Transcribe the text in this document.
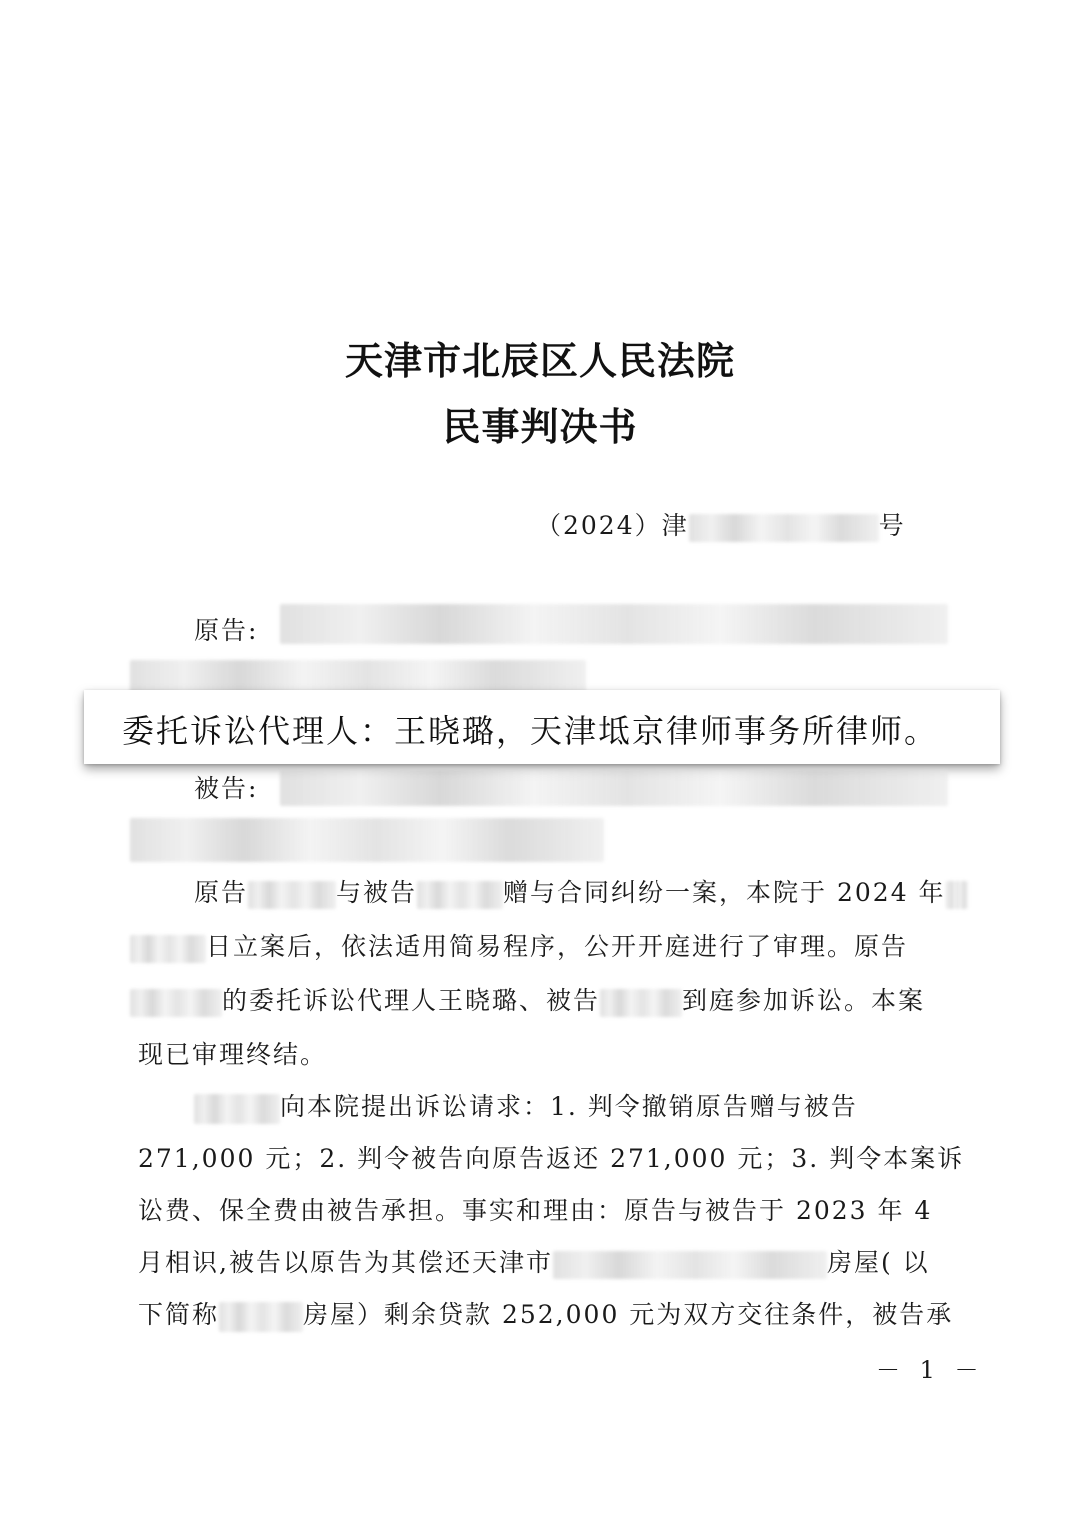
天津市北辰区人民法院
民事判决书
（2024）津	号
原告:
委托诉讼代理人：王晓璐，天津坻京律师事务所律师。
被告:
原告	与被告	赠与合同纠纷一案，本院于 2024 年
日立案后，依法适用简易程序，公开开庭进行了审理。原告
的委托诉讼代理人王晓璐、被告	到庭参加诉讼。本案
现已审理终结。
向本院提出诉讼请求：1. 判令撤销原告赠与被告
271,000 元；2. 判令被告向原告返还 271,000 元；3. 判令本案诉
讼费、保全费由被告承担。事实和理由：原告与被告于 2023 年 4
月相识,被告以原告为其偿还天津市	房屋( 以
下简称	房屋）剩余贷款 252,000 元为双方交往条件，被告承
－ 1 －
